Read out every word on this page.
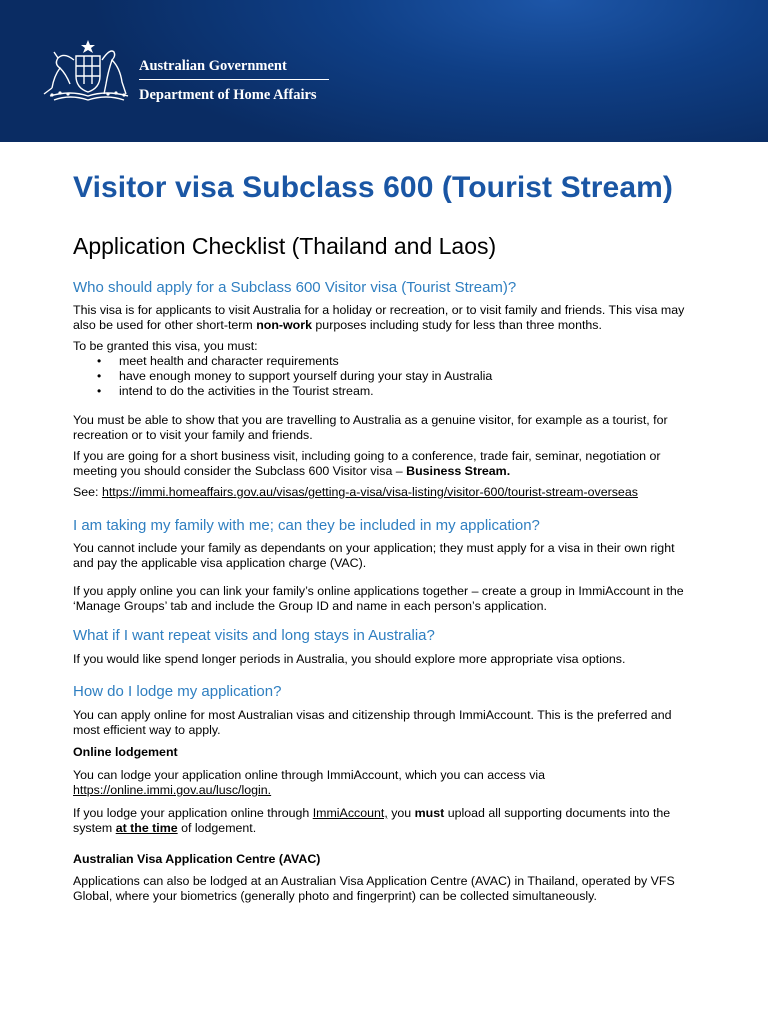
Australian Government
Department of Home Affairs
Visitor visa Subclass 600 (Tourist Stream)
Application Checklist (Thailand and Laos)
Who should apply for a Subclass 600 Visitor visa (Tourist Stream)?

This visa is for applicants to visit Australia for a holiday or recreation, or to visit family and friends. This visa may also be used for other short-term non-work purposes including study for less than three months.

To be granted this visa, you must:

• meet health and character requirements
• have enough money to support yourself during your stay in Australia
• intend to do the activities in the Tourist stream.

You must be able to show that you are travelling to Australia as a genuine visitor, for example as a tourist, for recreation or to visit your family and friends.

If you are going for a short business visit, including going to a conference, trade fair, seminar, negotiation or meeting you should consider the Subclass 600 Visitor visa – Business Stream.

See: https://immi.homeaffairs.gov.au/visas/getting-a-visa/visa-listing/visitor-600/tourist-stream-overseas

I am taking my family with me; can they be included in my application?

You cannot include your family as dependants on your application; they must apply for a visa in their own right and pay the applicable visa application charge (VAC).

If you apply online you can link your family’s online applications together – create a group in ImmiAccount in the ‘Manage Groups’ tab and include the Group ID and name in each person’s application.

What if I want repeat visits and long stays in Australia?

If you would like spend longer periods in Australia, you should explore more appropriate visa options.

How do I lodge my application?

You can apply online for most Australian visas and citizenship through ImmiAccount. This is the preferred and most efficient way to apply.

Online lodgement

You can lodge your application online through ImmiAccount, which you can access via
https://online.immi.gov.au/lusc/login.

If you lodge your application online through ImmiAccount, you must upload all supporting documents into the system at the time of lodgement.

Australian Visa Application Centre (AVAC)

Applications can also be lodged at an Australian Visa Application Centre (AVAC) in Thailand, operated by VFS Global, where your biometrics (generally photo and fingerprint) can be collected simultaneously.
